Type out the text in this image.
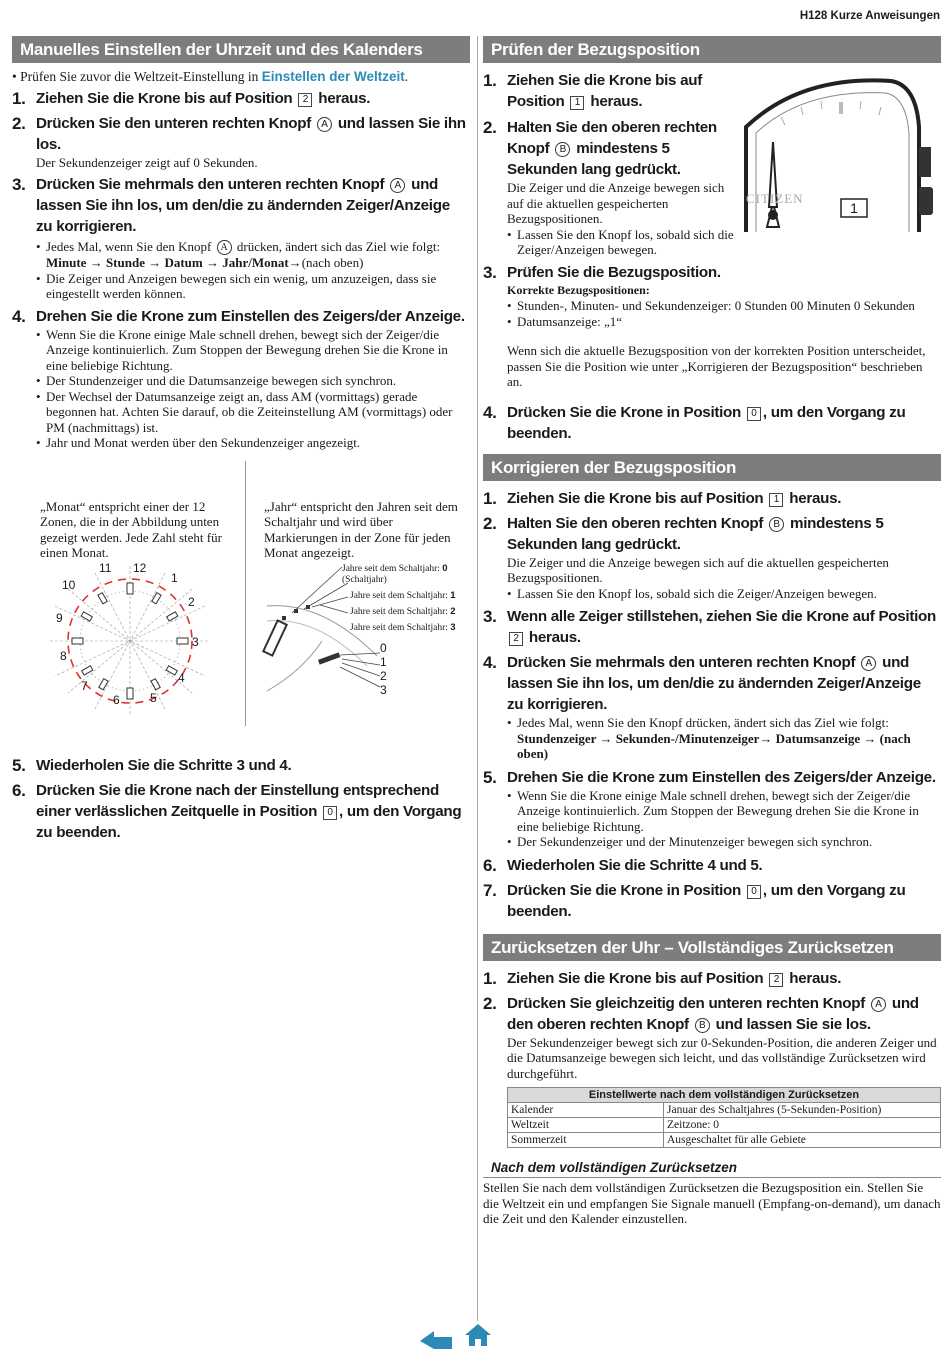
H128 Kurze Anweisungen
Manuelles Einstellen der Uhrzeit und des Kalenders
• Prüfen Sie zuvor die Weltzeit-Einstellung in Einstellen der Weltzeit.
1. Ziehen Sie die Krone bis auf Position 2 heraus.
2. Drücken Sie den unteren rechten Knopf A und lassen Sie ihn los.
Der Sekundenzeiger zeigt auf 0 Sekunden.
3. Drücken Sie mehrmals den unteren rechten Knopf A und lassen Sie ihn los, um den/die zu ändernden Zeiger/Anzeige zu korrigieren.
• Jedes Mal, wenn Sie den Knopf A drücken, ändert sich das Ziel wie folgt:
Minute → Stunde → Datum → Jahr/Monat→(nach oben)
• Die Zeiger und Anzeigen bewegen sich ein wenig, um anzuzeigen, dass sie eingestellt werden können.
4. Drehen Sie die Krone zum Einstellen des Zeigers/der Anzeige.
• Wenn Sie die Krone einige Male schnell drehen, bewegt sich der Zeiger/die Anzeige kontinuierlich. Zum Stoppen der Bewegung drehen Sie die Krone in eine beliebige Richtung.
• Der Stundenzeiger und die Datumsanzeige bewegen sich synchron.
• Der Wechsel der Datumsanzeige zeigt an, dass AM (vormittags) gerade begonnen hat. Achten Sie darauf, ob die Zeiteinstellung AM (vormittags) oder PM (nachmittags) ist.
• Jahr und Monat werden über den Sekundenzeiger angezeigt.
„Monat“ entspricht einer der 12 Zonen, die in der Abbildung unten gezeigt werden. Jede Zahl steht für einen Monat.
„Jahr“ entspricht den Jahren seit dem Schaltjahr und wird über Markierungen in der Zone für jeden Monat angezeigt.
1
2
3
4
5
6
7
8
9
10
11 12	Jahre seit dem Schaltjahr: 0
(Schaltjahr)
Jahre seit dem Schaltjahr: 1
Jahre seit dem Schaltjahr: 2
Jahre seit dem Schaltjahr: 3
0
1
2
3
5. Wiederholen Sie die Schritte 3 und 4.
6. Drücken Sie die Krone nach der Einstellung entsprechend einer verlässlichen Zeitquelle in Position 0 , um den Vorgang zu beenden.
Prüfen der Bezugsposition
CITIZEN
1
1. Ziehen Sie die Krone bis auf Position 1 heraus.
2. Halten Sie den oberen rechten Knopf B mindestens 5 Sekunden lang gedrückt.
Die Zeiger und die Anzeige bewegen sich auf die aktuellen gespeicherten Bezugspositionen.
• Lassen Sie den Knopf los, sobald sich die Zeiger/Anzeigen bewegen.
3. Prüfen Sie die Bezugsposition.
Korrekte Bezugspositionen:
• Stunden-, Minuten- und Sekundenzeiger: 0 Stunden 00 Minuten 0 Sekunden
• Datumsanzeige: „1“
Wenn sich die aktuelle Bezugsposition von der korrekten Position unterscheidet, passen Sie die Position wie unter „Korrigieren der Bezugsposition“ beschrieben an.
4. Drücken Sie die Krone in Position 0 , um den Vorgang zu beenden.
Korrigieren der Bezugsposition
1. Ziehen Sie die Krone bis auf Position 1 heraus.
2. Halten Sie den oberen rechten Knopf B mindestens 5 Sekunden lang gedrückt.
Die Zeiger und die Anzeige bewegen sich auf die aktuellen gespeicherten Bezugspositionen.
• Lassen Sie den Knopf los, sobald sich die Zeiger/Anzeigen bewegen.
3. Wenn alle Zeiger stillstehen, ziehen Sie die Krone auf Position 2 heraus.
4. Drücken Sie mehrmals den unteren rechten Knopf A und lassen Sie ihn los, um den/die zu ändernden Zeiger/Anzeige zu korrigieren.
• Jedes Mal, wenn Sie den Knopf drücken, ändert sich das Ziel wie folgt:
Stundenzeiger → Sekunden-/Minutenzeiger→ Datumsanzeige → (nach oben)
5. Drehen Sie die Krone zum Einstellen des Zeigers/der Anzeige.
• Wenn Sie die Krone einige Male schnell drehen, bewegt sich der Zeiger/die Anzeige kontinuierlich. Zum Stoppen der Bewegung drehen Sie die Krone in eine beliebige Richtung.
• Der Sekundenzeiger und der Minutenzeiger bewegen sich synchron.
6. Wiederholen Sie die Schritte 4 und 5.
7. Drücken Sie die Krone in Position 0 , um den Vorgang zu beenden.
Zurücksetzen der Uhr – Vollständiges Zurücksetzen
1. Ziehen Sie die Krone bis auf Position 2 heraus.
2. Drücken Sie gleichzeitig den unteren rechten Knopf A und den oberen rechten Knopf B und lassen Sie sie los.
Der Sekundenzeiger bewegt sich zur 0-Sekunden-Position, die anderen Zeiger und die Datumsanzeige bewegen sich leicht, und das vollständige Zurücksetzen wird durchgeführt.
Einstellwerte nach dem vollständigen Zurücksetzen	
Kalender	Januar des Schaltjahres (5-Sekunden-Position)
Weltzeit	Zeitzone: 0
Sommerzeit	Ausgeschaltet für alle Gebiete
Nach dem vollständigen Zurücksetzen
Stellen Sie nach dem vollständigen Zurücksetzen die Bezugsposition ein. Stellen Sie die Weltzeit ein und empfangen Sie Signale manuell (Empfang-on-demand), um danach die Zeit und den Kalender einzustellen.
